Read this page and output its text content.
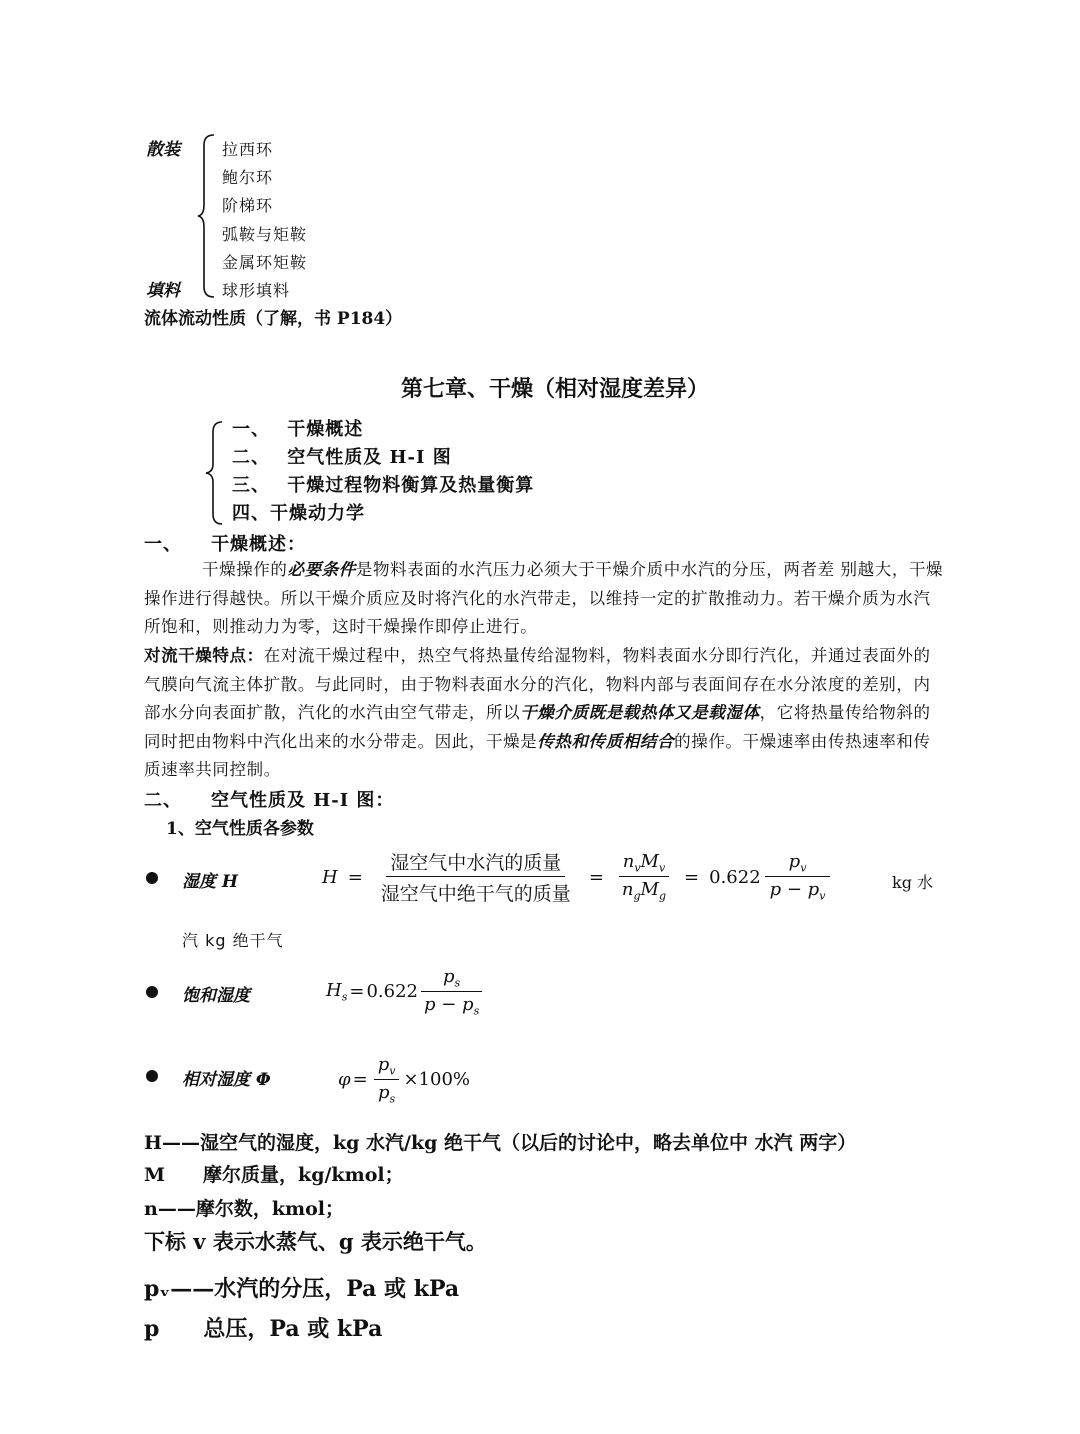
散装
填料
拉西环
鲍尔环
阶梯环
弧鞍与矩鞍
金属环矩鞍
球形填料
流体流动性质（了解，书 P184）
第七章、干燥（相对湿度差异）
一、　 干燥概述
二、　 空气性质及 H-I 图
三、　 干燥过程物料衡算及热量衡算
四、干燥动力学
一、　　干燥概述：

干燥操作的必要条件是物料表面的水汽压力必须大于干燥介质中水汽的分压，两者差 别越大，干燥操作进行得越快。所以干燥介质应及时将汽化的水汽带走，以维持一定的扩散推动力。若干燥介质为水汽所饱和，则推动力为零，这时干燥操作即停止进行。

对流干燥特点：在对流干燥过程中，热空气将热量传给湿物料，物料表面水分即行汽化，并通过表面外的气膜向气流主体扩散。与此同时，由于物料表面水分的汽化，物料内部与表面间存在水分浓度的差别，内部水分向表面扩散，汽化的水汽由空气带走，所以干燥介质既是载热体又是载湿体，它将热量传给物斜的同时把由物料中汽化出来的水分带走。因此，干燥是传热和传质相结合的操作。干燥速率由传热速率和传质速率共同控制。

二、　　空气性质及 H-I 图：
1、空气性质各参数
湿度 H	$H = \frac{\text{湿空气中水汽的质量}}{\text{湿空气中绝干气的质量}} = \frac{n_vM_v}{n_gM_g} = 0.622 \frac{p_v}{p - p_v}$	kg 水
汽 kg 绝干气
饱和湿度	$H_s = 0.622 \frac{p_s}{p - p_s}$
相对湿度 Φ	$\varphi = \frac{p_v}{p_s} \times 100\%$
H——湿空气的湿度，kg 水汽/kg 绝干气（以后的讨论中，略去单位中 水汽 两字）
M　　摩尔质量，kg/kmol；
n——摩尔数，kmol；
下标 v 表示水蒸气、g 表示绝干气。
pᵥ——水汽的分压，Pa 或 kPa
p　　总压，Pa 或 kPa
